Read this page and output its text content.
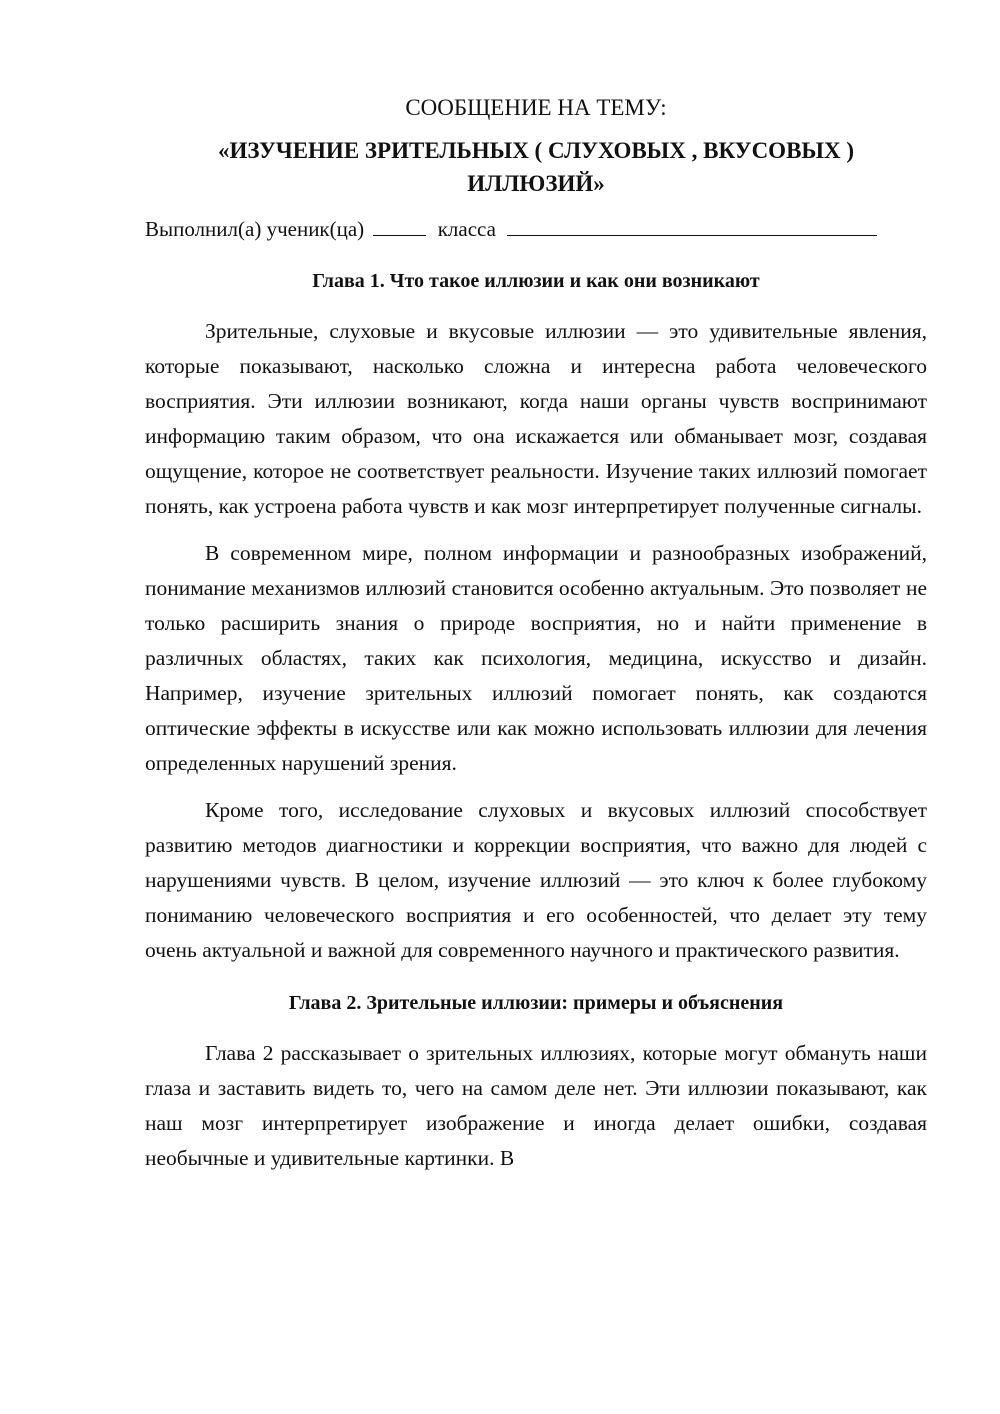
СООБЩЕНИЕ НА ТЕМУ:
«ИЗУЧЕНИЕ ЗРИТЕЛЬНЫХ ( СЛУХОВЫХ , ВКУСОВЫХ )
ИЛЛЮЗИЙ»
Выполнил(а) ученик(ца)	класса
Глава 1. Что такое иллюзии и как они возникают

Зрительные, слуховые и вкусовые иллюзии — это удивительные явления, которые показывают, насколько сложна и интересна работа человеческого восприятия. Эти иллюзии возникают, когда наши органы чувств воспринимают информацию таким образом, что она искажается или обманывает мозг, создавая ощущение, которое не соответствует реальности. Изучение таких иллюзий помогает понять, как устроена работа чувств и как мозг интерпретирует полученные сигналы.

В современном мире, полном информации и разнообразных изображений, понимание механизмов иллюзий становится особенно актуальным. Это позволяет не только расширить знания о природе восприятия, но и найти применение в различных областях, таких как психология, медицина, искусство и дизайн. Например, изучение зрительных иллюзий помогает понять, как создаются оптические эффекты в искусстве или как можно использовать иллюзии для лечения определенных нарушений зрения.

Кроме того, исследование слуховых и вкусовых иллюзий способствует развитию методов диагностики и коррекции восприятия, что важно для людей с нарушениями чувств. В целом, изучение иллюзий — это ключ к более глубокому пониманию человеческого восприятия и его особенностей, что делает эту тему очень актуальной и важной для современного научного и практического развития.

Глава 2. Зрительные иллюзии: примеры и объяснения

Глава 2 рассказывает о зрительных иллюзиях, которые могут обмануть наши глаза и заставить видеть то, чего на самом деле нет. Эти иллюзии показывают, как наш мозг интерпретирует изображение и иногда делает ошибки, создавая необычные и удивительные картинки. В
